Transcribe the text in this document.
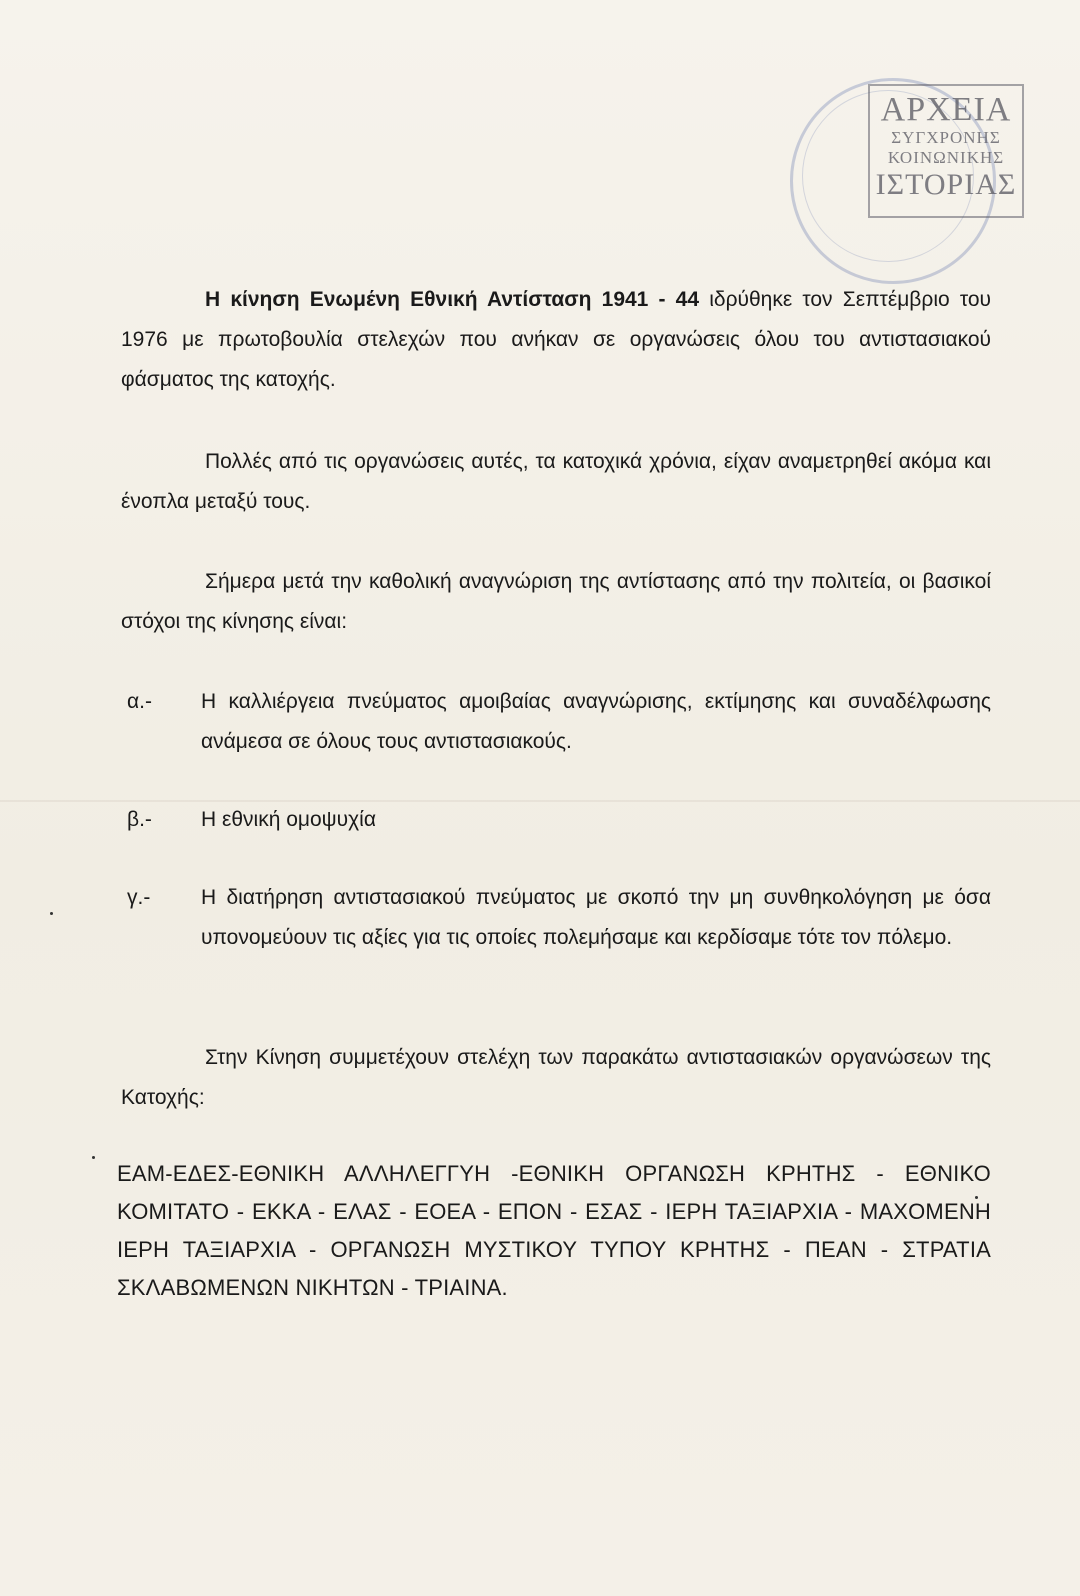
ΑΡΧΕΙΑ
ΣΥΓΧΡΟΝΗΣ
ΚΟΙΝΩΝΙΚΗΣ
ΙΣΤΟΡΙΑΣ

Η κίνηση Ενωμένη Εθνική Αντίσταση 1941 - 44 ιδρύθηκε τον Σεπτέμβριο του 1976 με πρωτοβουλία στελεχών που ανήκαν σε οργανώσεις όλου του αντιστασιακού φάσματος της κατοχής.

Πολλές από τις οργανώσεις αυτές, τα κατοχικά χρόνια, είχαν αναμετρηθεί ακόμα και ένοπλα μεταξύ τους.

Σήμερα μετά την καθολική αναγνώριση της αντίστασης από την πολιτεία, οι βασικοί στόχοι της κίνησης είναι:

α.-	Η καλλιέργεια πνεύματος αμοιβαίας αναγνώρισης, εκτίμησης και συναδέλφωσης ανάμεσα σε όλους τους αντιστασιακούς.
β.-	Η εθνική ομοψυχία
γ.-	Η διατήρηση αντιστασιακού πνεύματος με σκοπό την μη συνθηκολόγηση με όσα υπονομεύουν τις αξίες για τις οποίες πολεμήσαμε και κερδίσαμε τότε τον πόλεμο.

Στην Κίνηση συμμετέχουν στελέχη των παρακάτω αντιστασιακών οργανώσεων της Κατοχής:

ΕΑΜ-ΕΔΕΣ-ΕΘΝΙΚΗ ΑΛΛΗΛΕΓΓΥΗ -ΕΘΝΙΚΗ ΟΡΓΑΝΩΣΗ ΚΡΗΤΗΣ - ΕΘΝΙΚΟ ΚΟΜΙΤΑΤΟ - ΕΚΚΑ - ΕΛΑΣ - ΕΟΕΑ - ΕΠΟΝ - ΕΣΑΣ - ΙΕΡΗ ΤΑΞΙΑΡΧΙΑ - ΜΑΧΟΜΕΝΗ ΙΕΡΗ ΤΑΞΙΑΡΧΙΑ - ΟΡΓΑΝΩΣΗ ΜΥΣΤΙΚΟΥ ΤΥΠΟΥ ΚΡΗΤΗΣ - ΠΕΑΝ - ΣΤΡΑΤΙΑ ΣΚΛΑΒΩΜΕΝΩΝ ΝΙΚΗΤΩΝ - ΤΡΙΑΙΝΑ.
